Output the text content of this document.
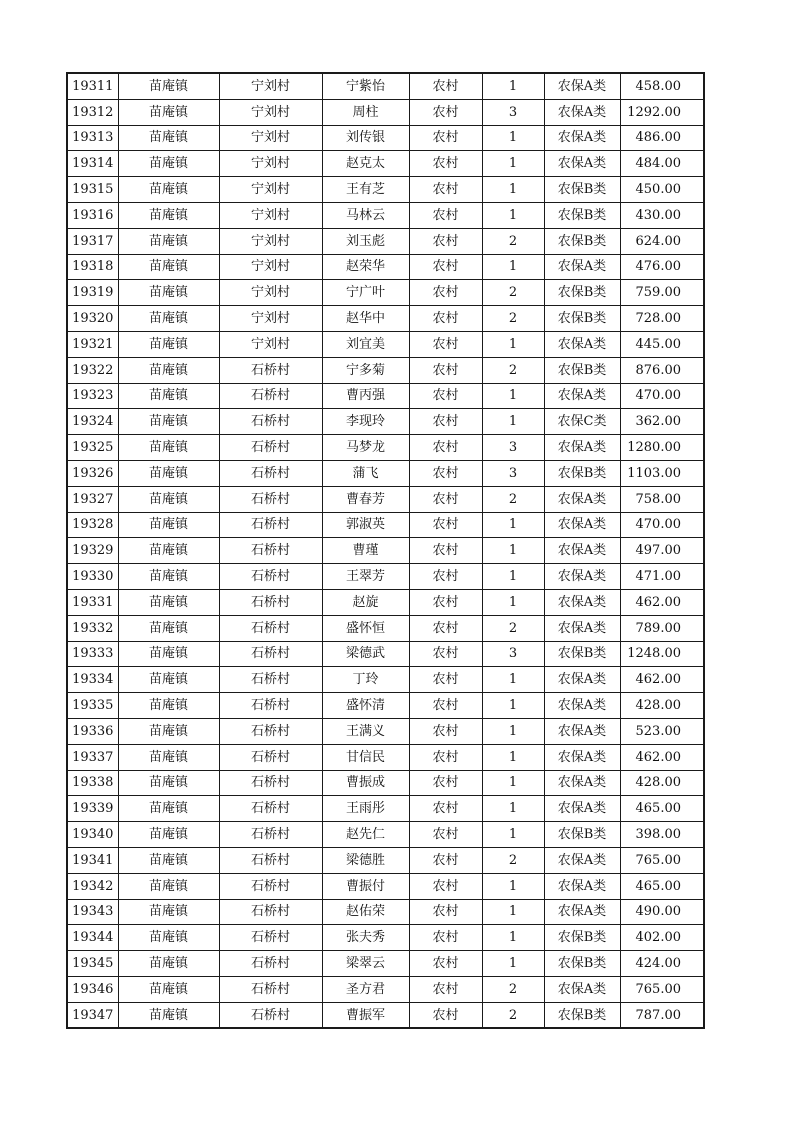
19311	苗庵镇	宁刘村	宁紫怡	农村	1	农保A类	458.00
19312	苗庵镇	宁刘村	周柱	农村	3	农保A类	1292.00
19313	苗庵镇	宁刘村	刘传银	农村	1	农保A类	486.00
19314	苗庵镇	宁刘村	赵克太	农村	1	农保A类	484.00
19315	苗庵镇	宁刘村	王有芝	农村	1	农保B类	450.00
19316	苗庵镇	宁刘村	马林云	农村	1	农保B类	430.00
19317	苗庵镇	宁刘村	刘玉彪	农村	2	农保B类	624.00
19318	苗庵镇	宁刘村	赵荣华	农村	1	农保A类	476.00
19319	苗庵镇	宁刘村	宁广叶	农村	2	农保B类	759.00
19320	苗庵镇	宁刘村	赵华中	农村	2	农保B类	728.00
19321	苗庵镇	宁刘村	刘宜美	农村	1	农保A类	445.00
19322	苗庵镇	石桥村	宁多菊	农村	2	农保B类	876.00
19323	苗庵镇	石桥村	曹丙强	农村	1	农保A类	470.00
19324	苗庵镇	石桥村	李现玲	农村	1	农保C类	362.00
19325	苗庵镇	石桥村	马梦龙	农村	3	农保A类	1280.00
19326	苗庵镇	石桥村	蒲飞	农村	3	农保B类	1103.00
19327	苗庵镇	石桥村	曹春芳	农村	2	农保A类	758.00
19328	苗庵镇	石桥村	郭淑英	农村	1	农保A类	470.00
19329	苗庵镇	石桥村	曹瑾	农村	1	农保A类	497.00
19330	苗庵镇	石桥村	王翠芳	农村	1	农保A类	471.00
19331	苗庵镇	石桥村	赵旋	农村	1	农保A类	462.00
19332	苗庵镇	石桥村	盛怀恒	农村	2	农保A类	789.00
19333	苗庵镇	石桥村	梁德武	农村	3	农保B类	1248.00
19334	苗庵镇	石桥村	丁玲	农村	1	农保A类	462.00
19335	苗庵镇	石桥村	盛怀清	农村	1	农保A类	428.00
19336	苗庵镇	石桥村	王满义	农村	1	农保A类	523.00
19337	苗庵镇	石桥村	甘信民	农村	1	农保A类	462.00
19338	苗庵镇	石桥村	曹振成	农村	1	农保A类	428.00
19339	苗庵镇	石桥村	王雨彤	农村	1	农保A类	465.00
19340	苗庵镇	石桥村	赵先仁	农村	1	农保B类	398.00
19341	苗庵镇	石桥村	梁德胜	农村	2	农保A类	765.00
19342	苗庵镇	石桥村	曹振付	农村	1	农保A类	465.00
19343	苗庵镇	石桥村	赵佑荣	农村	1	农保A类	490.00
19344	苗庵镇	石桥村	张夫秀	农村	1	农保B类	402.00
19345	苗庵镇	石桥村	梁翠云	农村	1	农保B类	424.00
19346	苗庵镇	石桥村	圣方君	农村	2	农保A类	765.00
19347	苗庵镇	石桥村	曹振军	农村	2	农保B类	787.00
